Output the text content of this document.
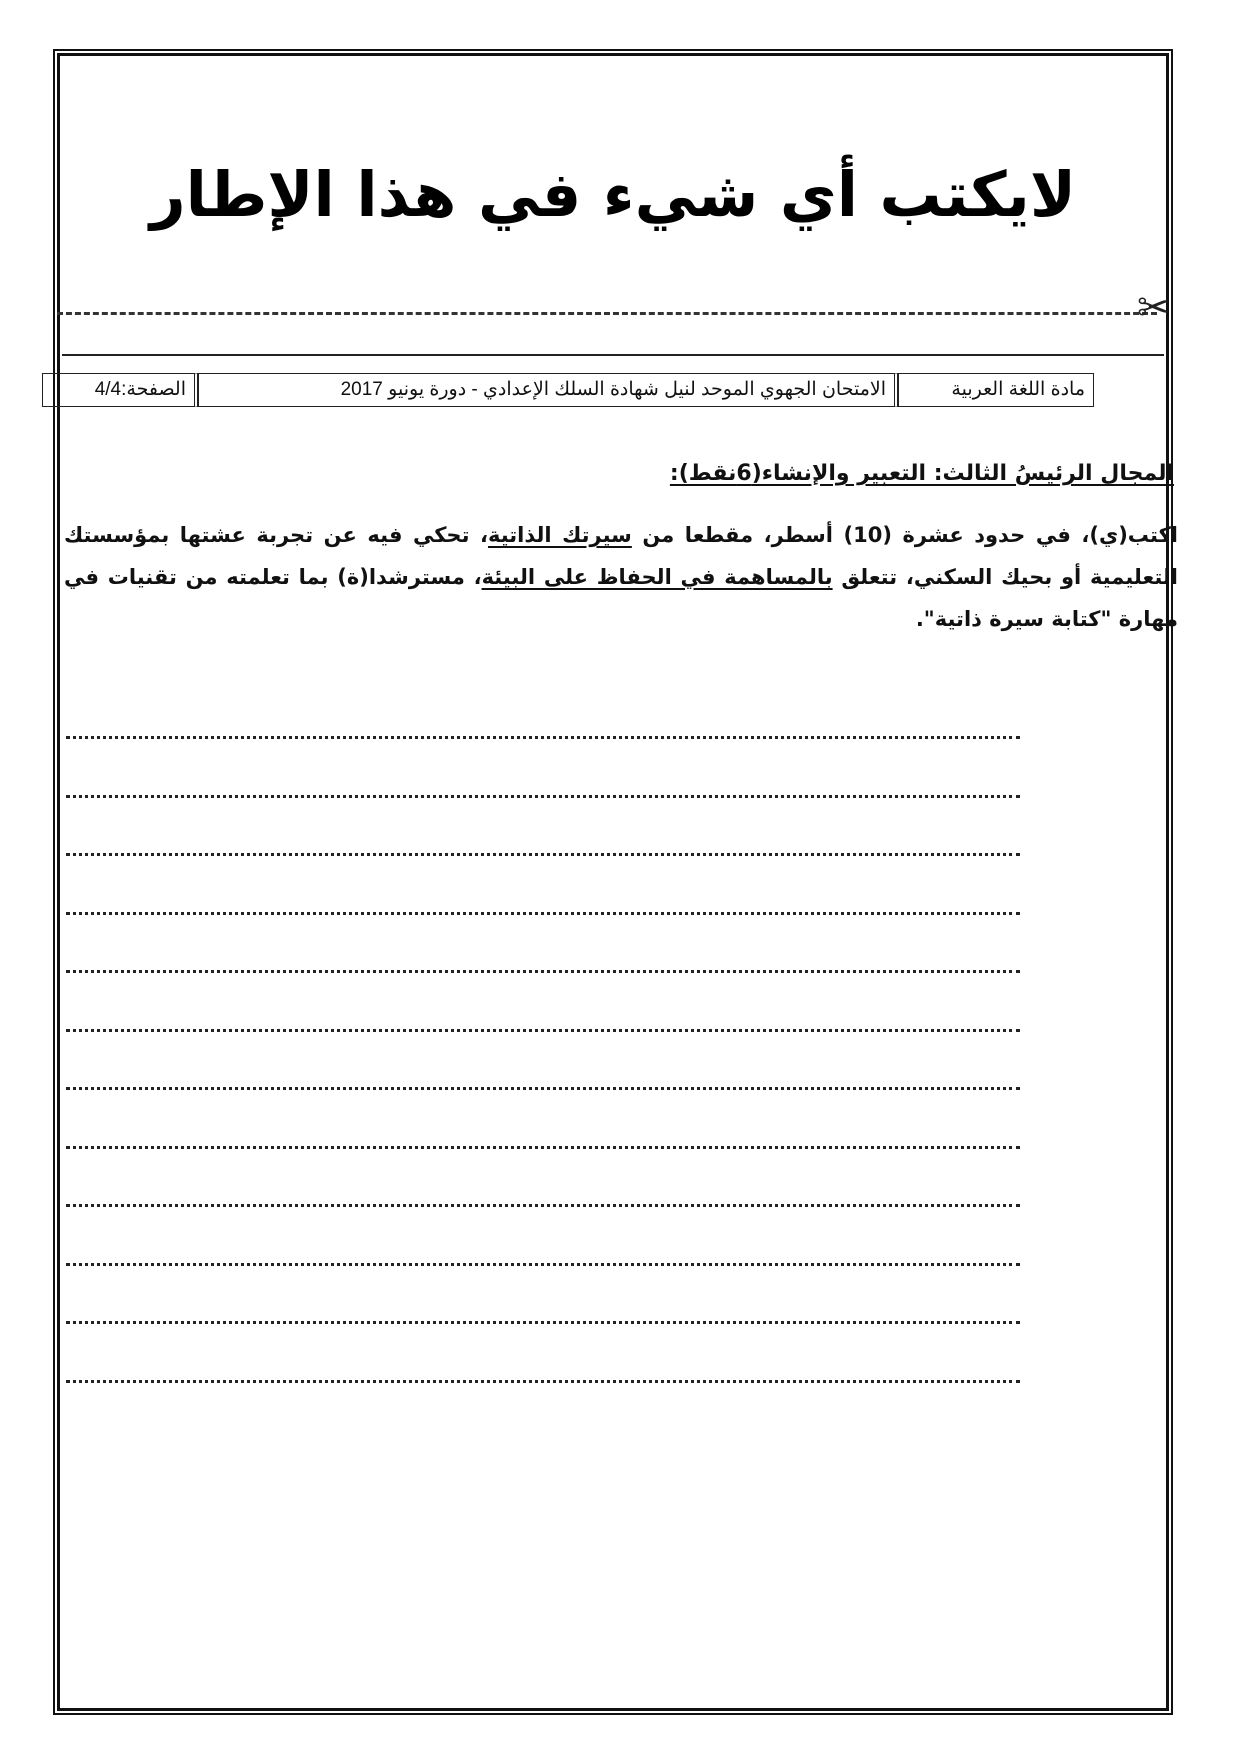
لايكتب أي شيء في هذا الإطار
✂
مادة اللغة العربية
الامتحان الجهوي الموحد لنيل شهادة السلك الإعدادي - دورة يونيو 2017
الصفحة:4/4
المجال الرئيسُ الثالث: التعبير والإنشاء(6نقط):
اكتب(ي)، في حدود عشرة (10) أسطر، مقطعا من سيرتك الذاتية، تحكي فيه عن تجربة عشتها بمؤسستك التعليمية أو بحيك السكني، تتعلق بالمساهمة في الحفاظ على البيئة، مسترشدا(ة) بما تعلمته من تقنيات في مهارة "كتابة سيرة ذاتية".
